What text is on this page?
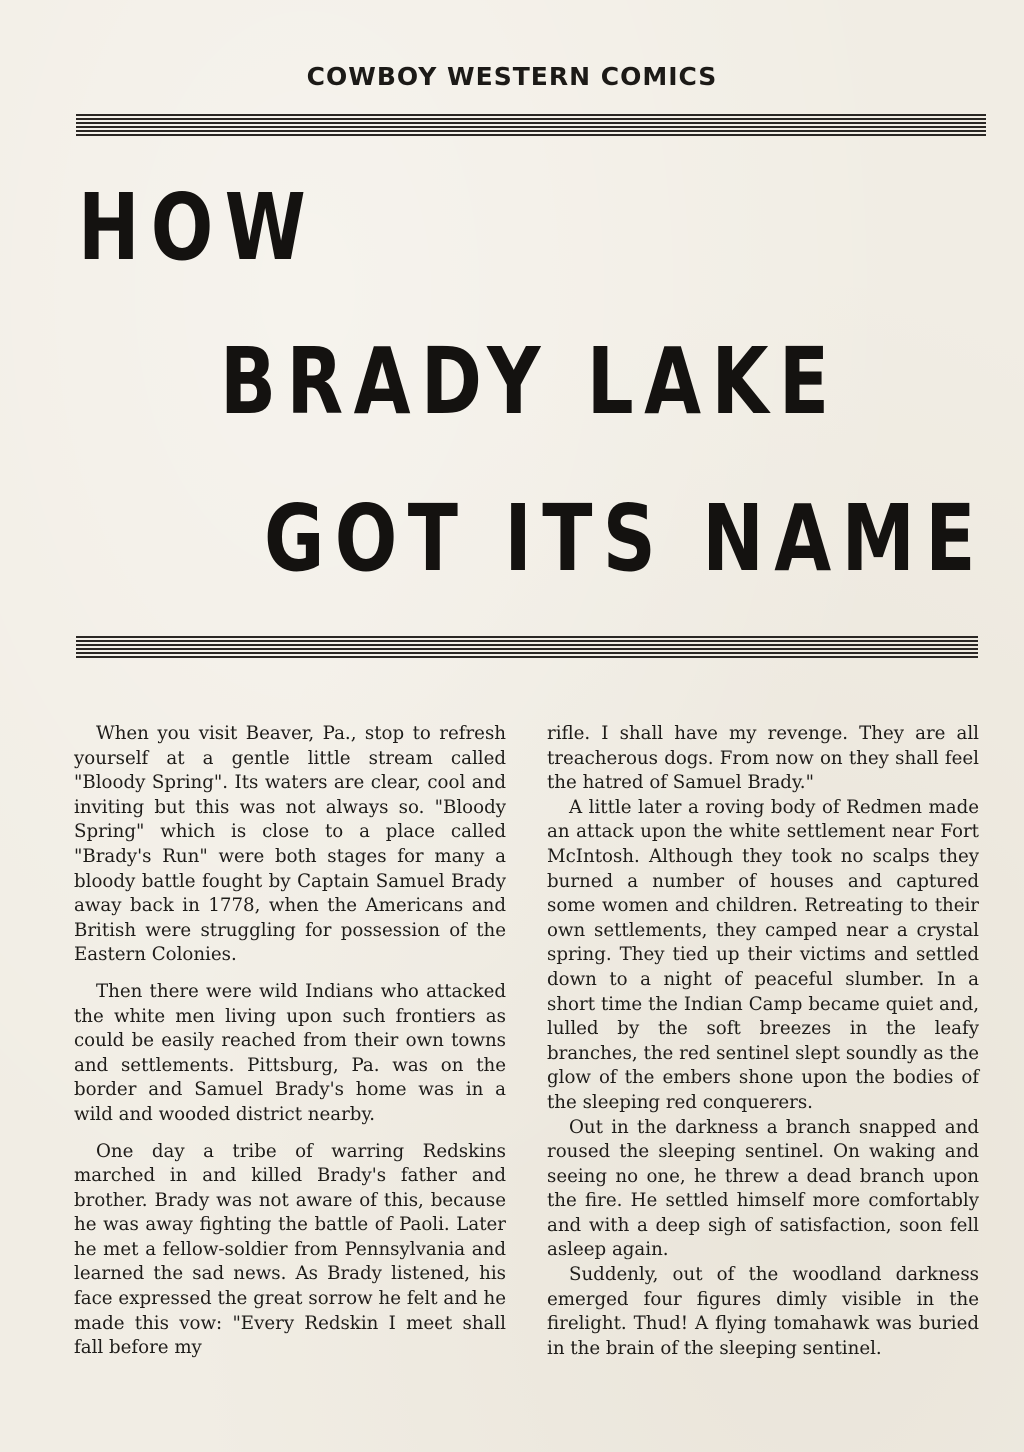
COWBOY WESTERN COMICS
HOW
BRADY LAKE
GOT ITS NAME

When you visit Beaver, Pa., stop to refresh yourself at a gentle little stream called "Bloody Spring". Its waters are clear, cool and inviting but this was not always so. "Bloody Spring" which is close to a place called "Brady's Run" were both stages for many a bloody battle fought by Captain Samuel Brady away back in 1778, when the Americans and British were struggling for possession of the Eastern Colonies.

Then there were wild Indians who attacked the white men living upon such frontiers as could be easily reached from their own towns and settlements. Pittsburg, Pa. was on the border and Samuel Brady's home was in a wild and wooded district nearby.

One day a tribe of warring Redskins marched in and killed Brady's father and brother. Brady was not aware of this, because he was away fighting the battle of Paoli. Later he met a fellow-soldier from Pennsylvania and learned the sad news. As Brady listened, his face expressed the great sorrow he felt and he made this vow: "Every Redskin I meet shall fall before my

rifle. I shall have my revenge. They are all treacherous dogs. From now on they shall feel the hatred of Samuel Brady."

A little later a roving body of Redmen made an attack upon the white settlement near Fort McIntosh. Although they took no scalps they burned a number of houses and captured some women and children. Retreating to their own settlements, they camped near a crystal spring. They tied up their victims and settled down to a night of peaceful slumber. In a short time the Indian Camp became quiet and, lulled by the soft breezes in the leafy branches, the red sentinel slept soundly as the glow of the embers shone upon the bodies of the sleeping red conquerers.

Out in the darkness a branch snapped and roused the sleeping sentinel. On waking and seeing no one, he threw a dead branch upon the fire. He settled himself more comfortably and with a deep sigh of satisfaction, soon fell asleep again.

Suddenly, out of the woodland darkness emerged four figures dimly visible in the firelight. Thud! A flying tomahawk was buried in the brain of the sleeping sentinel.
